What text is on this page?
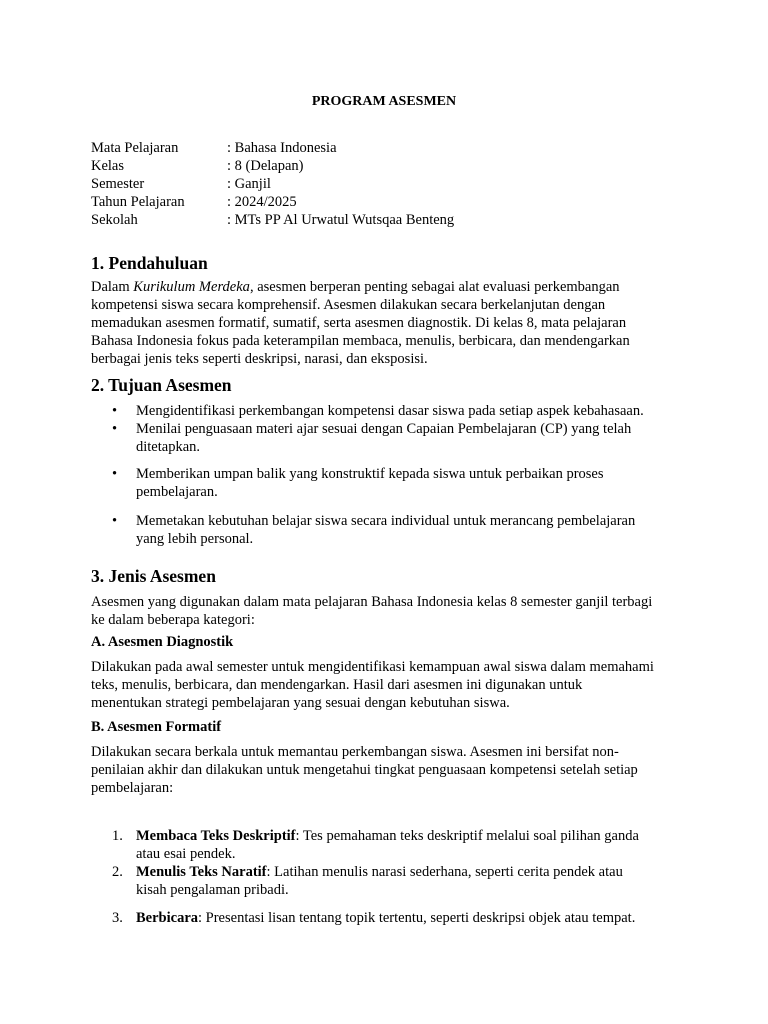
PROGRAM ASESMEN
Mata Pelajaran	: Bahasa Indonesia
Kelas	: 8 (Delapan)
Semester	: Ganjil
Tahun Pelajaran	: 2024/2025
Sekolah	: MTs PP Al Urwatul Wutsqaa Benteng
1. Pendahuluan
Dalam Kurikulum Merdeka, asesmen berperan penting sebagai alat evaluasi perkembangan
kompetensi siswa secara komprehensif. Asesmen dilakukan secara berkelanjutan dengan
memadukan asesmen formatif, sumatif, serta asesmen diagnostik. Di kelas 8, mata pelajaran
Bahasa Indonesia fokus pada keterampilan membaca, menulis, berbicara, dan mendengarkan
berbagai jenis teks seperti deskripsi, narasi, dan eksposisi.
2. Tujuan Asesmen
• Mengidentifikasi perkembangan kompetensi dasar siswa pada setiap aspek kebahasaan.
• Menilai penguasaan materi ajar sesuai dengan Capaian Pembelajaran (CP) yang telah
ditetapkan.
• Memberikan umpan balik yang konstruktif kepada siswa untuk perbaikan proses
pembelajaran.
• Memetakan kebutuhan belajar siswa secara individual untuk merancang pembelajaran
yang lebih personal.
3. Jenis Asesmen
Asesmen yang digunakan dalam mata pelajaran Bahasa Indonesia kelas 8 semester ganjil terbagi
ke dalam beberapa kategori:
A. Asesmen Diagnostik
Dilakukan pada awal semester untuk mengidentifikasi kemampuan awal siswa dalam memahami
teks, menulis, berbicara, dan mendengarkan. Hasil dari asesmen ini digunakan untuk
menentukan strategi pembelajaran yang sesuai dengan kebutuhan siswa.
B. Asesmen Formatif
Dilakukan secara berkala untuk memantau perkembangan siswa. Asesmen ini bersifat non-
penilaian akhir dan dilakukan untuk mengetahui tingkat penguasaan kompetensi setelah setiap
pembelajaran:
1. Membaca Teks Deskriptif: Tes pemahaman teks deskriptif melalui soal pilihan ganda
atau esai pendek.
2. Menulis Teks Naratif: Latihan menulis narasi sederhana, seperti cerita pendek atau
kisah pengalaman pribadi.
3. Berbicara: Presentasi lisan tentang topik tertentu, seperti deskripsi objek atau tempat.
